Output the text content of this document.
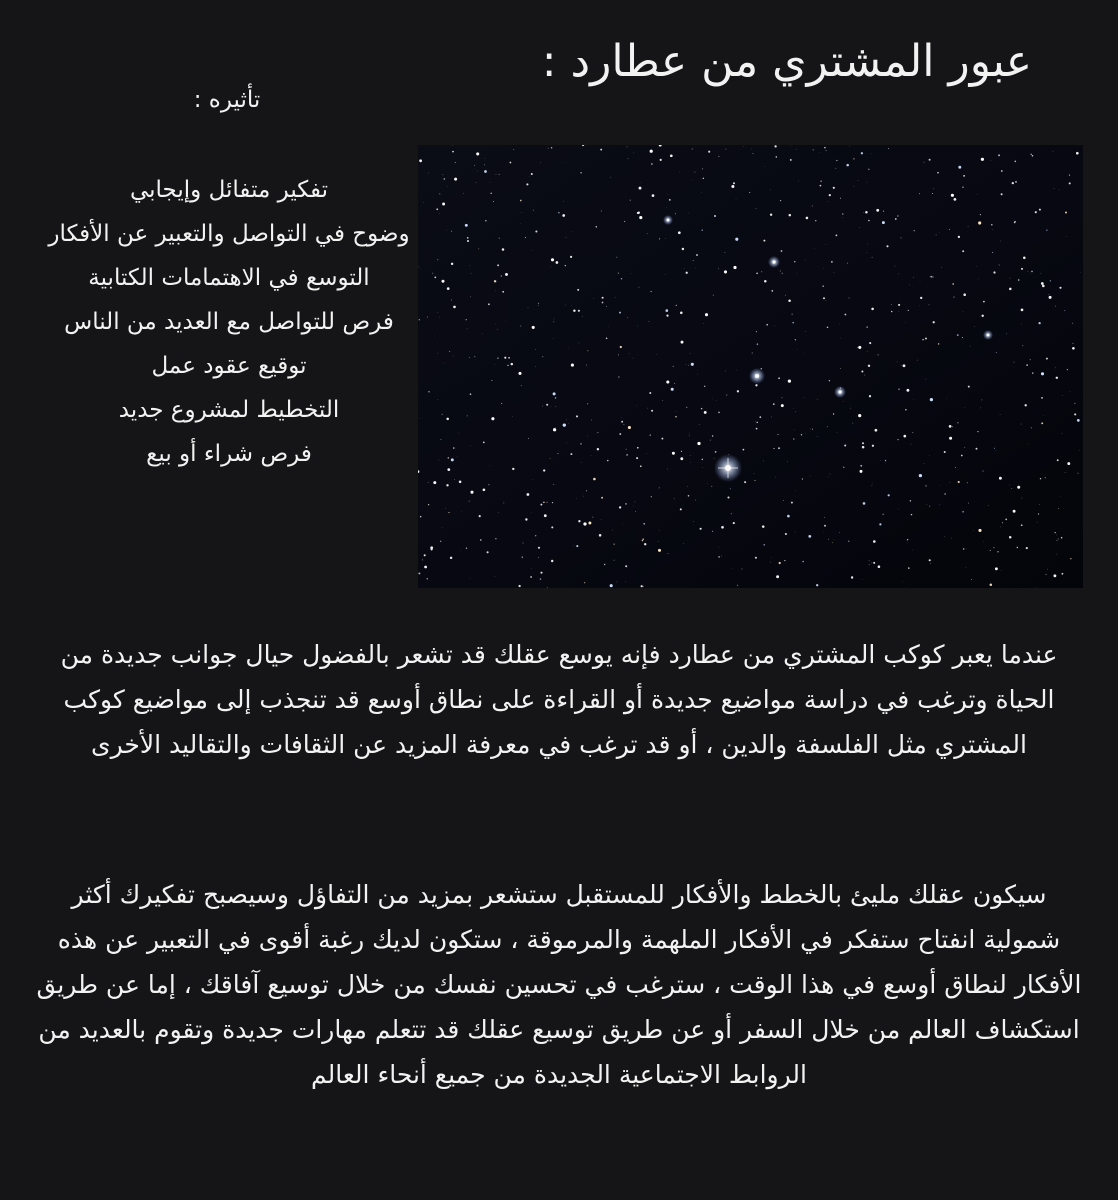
عبور المشتري من عطارد :
تأثيره :
تفكير متفائل وإيجابي
وضوح في التواصل والتعبير عن الأفكار
التوسع في الاهتمامات الكتابية
فرص للتواصل مع العديد من الناس
توقيع عقود عمل
التخطيط لمشروع جديد
فرص شراء أو بيع

عندما يعبر كوكب المشتري من عطارد فإنه يوسع عقلك قد تشعر بالفضول حيال جوانب جديدة من الحياة وترغب في دراسة مواضيع جديدة أو القراءة على نطاق أوسع قد تنجذب إلى مواضيع كوكب المشتري مثل الفلسفة والدين ، أو قد ترغب في معرفة المزيد عن الثقافات والتقاليد الأخرى

سيكون عقلك مليئ بالخطط والأفكار للمستقبل ستشعر بمزيد من التفاؤل وسيصبح تفكيرك أكثر شمولية انفتاح ستفكر في الأفكار الملهمة والمرموقة ، ستكون لديك رغبة أقوى في التعبير عن هذه الأفكار لنطاق أوسع في هذا الوقت ، سترغب في تحسين نفسك من خلال توسيع آفاقك ، إما عن طريق استكشاف العالم من خلال السفر أو عن طريق توسيع عقلك قد تتعلم مهارات جديدة وتقوم بالعديد من الروابط الاجتماعية الجديدة من جميع أنحاء العالم
